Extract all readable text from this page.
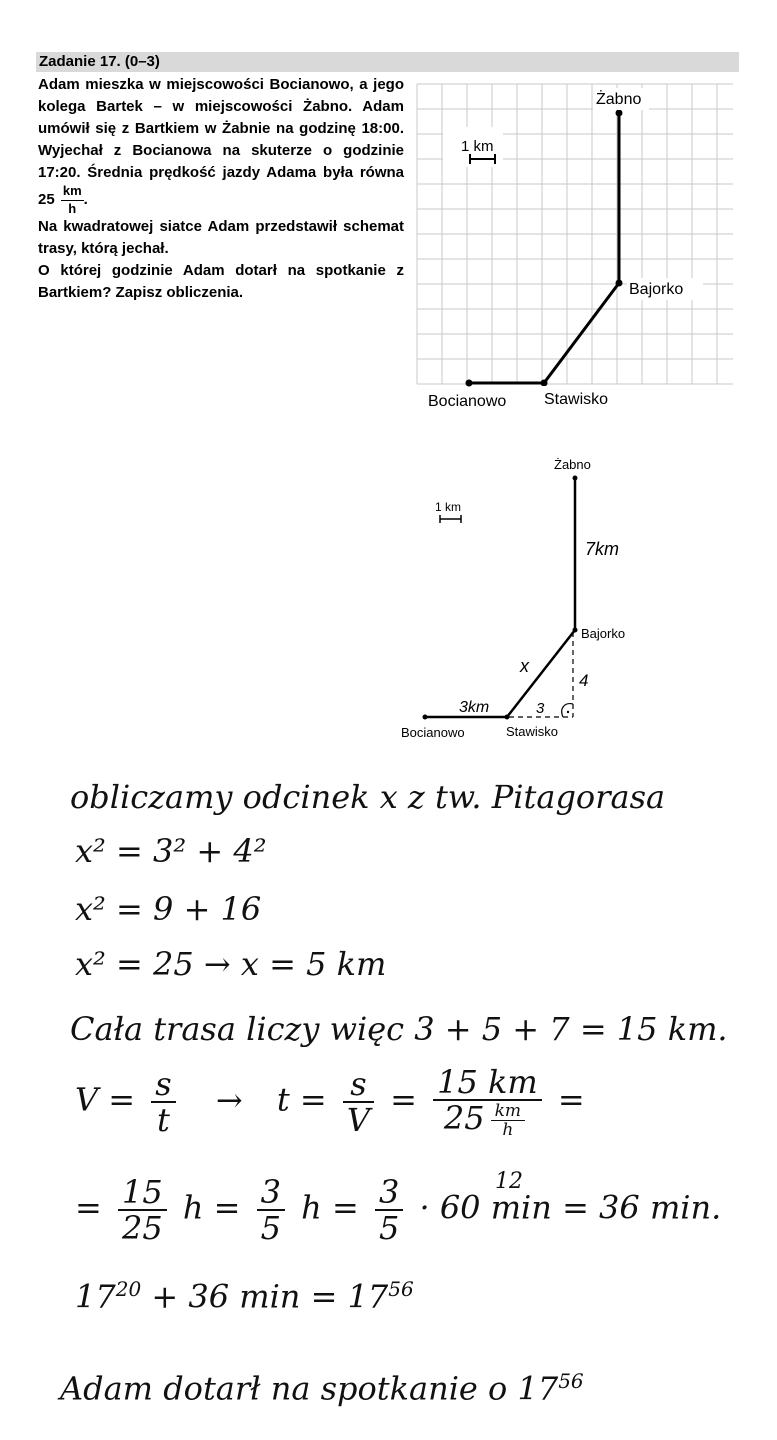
Zadanie 17. (0–3)

Adam mieszka w miejscowości Bocianowo, a jego kolega Bartek – w miejscowości Żabno. Adam umówił się z Bartkiem w Żabnie na godzinę 18:00. Wyjechał z Bocianowa na skuterze o godzinie 17:20. Średnia prędkość jazdy Adama była równa $25 \frac{km}{h}$ .

Na kwadratowej siatce Adam przedstawił schemat trasy, którą jechał.

O której godzinie Adam dotarł na spotkanie z Bartkiem? Zapisz obliczenia.

1 km
Żabno
Bajorko
Bocianowo Stawisko
Żabno
1 km
7km
Bajorko
x
4
3km	3
Bocianowo	Stawisko
obliczamy odcinek x z tw. Pitagorasa
x² = 3² + 4²
x² = 9 + 16
x² = 25 → x = 5 km
Cała trasa liczy więc 3 + 5 + 7 = 15 km.
$V = \frac{s}{t} \to t = \frac{s}{V} = 15$ km
$25 \frac{km}{h}$
=
= $\frac{15}{25}$ $h = \frac{3}{5}$ $h = \frac{3}{5} \cdot 60$ min = 36 min.
12
$17^{20} + 36$ $\min = 17^{56}$
Adam dotarł na spotkanie o $17^{56}$
